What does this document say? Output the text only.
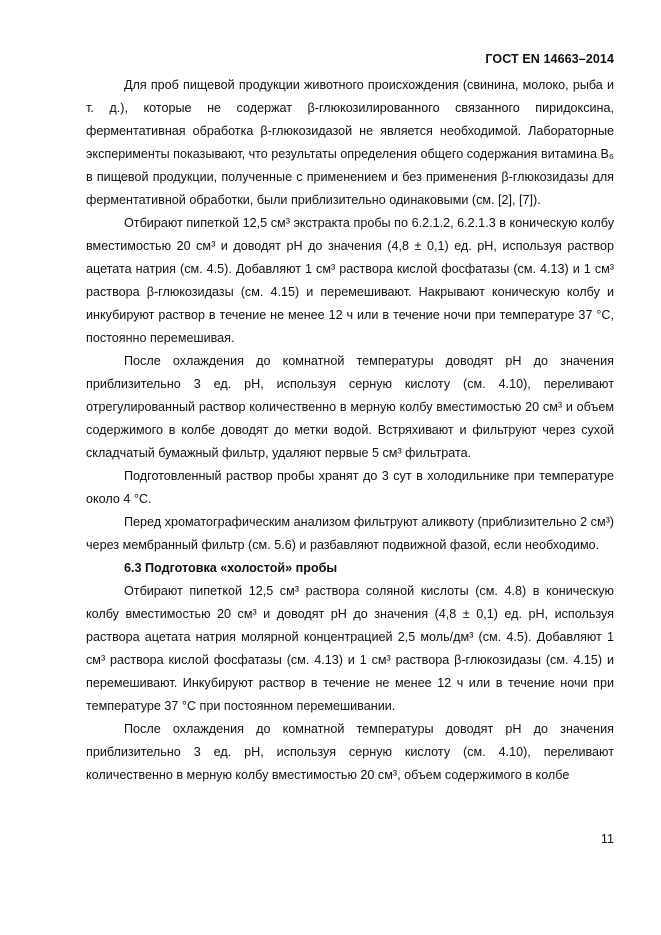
ГОСТ EN 14663–2014

Для проб пищевой продукции животного происхождения (свинина, молоко, рыба и т. д.), которые не содержат β-глюкозилированного связанного пиридоксина, ферментативная обработка β-глюкозидазой не является необходимой. Лабораторные эксперименты показывают, что результаты определения общего содержания витамина B₆ в пищевой продукции, полученные с применением и без применения β-глюкозидазы для ферментативной обработки, были приблизительно одинаковыми (см. [2], [7]).

Отбирают пипеткой 12,5 см³ экстракта пробы по 6.2.1.2, 6.2.1.3 в коническую колбу вместимостью 20 см³ и доводят pH до значения (4,8 ± 0,1) ед. pH, используя раствор ацетата натрия (см. 4.5). Добавляют 1 см³ раствора кислой фосфатазы (см. 4.13) и 1 см³ раствора β-глюкозидазы (см. 4.15) и перемешивают. Накрывают коническую колбу и инкубируют раствор в течение не менее 12 ч или в течение ночи при температуре 37 °С, постоянно перемешивая.

После охлаждения до комнатной температуры доводят pH до значения приблизительно 3 ед. pH, используя серную кислоту (см. 4.10), переливают отрегулированный раствор количественно в мерную колбу вместимостью 20 см³ и объем содержимого в колбе доводят до метки водой. Встряхивают и фильтруют через сухой складчатый бумажный фильтр, удаляют первые 5 см³ фильтрата.

Подготовленный раствор пробы хранят до 3 сут в холодильнике при температуре около 4 °С.

Перед хроматографическим анализом фильтруют аликвоту (приблизительно 2 см³) через мембранный фильтр (см. 5.6) и разбавляют подвижной фазой, если необходимо.

6.3 Подготовка «холостой» пробы

Отбирают пипеткой 12,5 см³ раствора соляной кислоты (см. 4.8) в коническую колбу вместимостью 20 см³ и доводят pH до значения (4,8 ± 0,1) ед. pH, используя раствора ацетата натрия молярной концентрацией 2,5 моль/дм³ (см. 4.5). Добавляют 1 см³ раствора кислой фосфатазы (см. 4.13) и 1 см³ раствора β-глюкозидазы (см. 4.15) и перемешивают. Инкубируют раствор в течение не менее 12 ч или в течение ночи при температуре 37 °С при постоянном перемешивании.

После охлаждения до комнатной температуры доводят pH до значения приблизительно 3 ед. pH, используя серную кислоту (см. 4.10), переливают количественно в мерную колбу вместимостью 20 см³, объем содержимого в колбе

11
